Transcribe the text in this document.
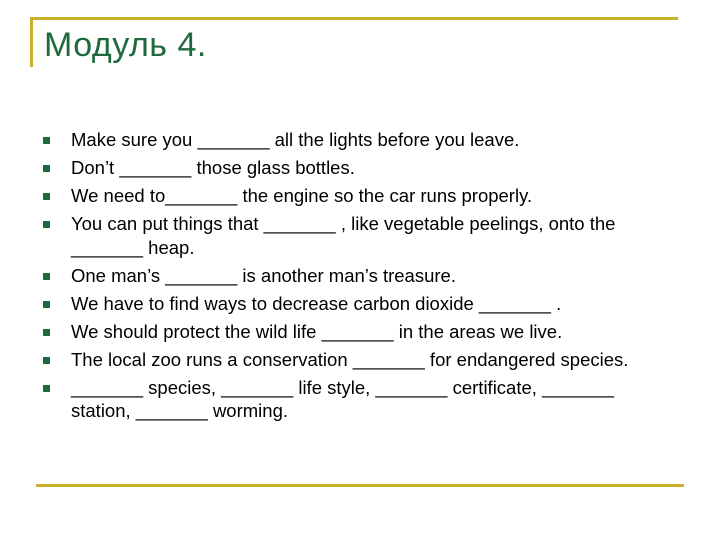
Модуль 4.
Make sure you _______ all the lights before you leave.
Don’t _______ those glass bottles.
We need to_______ the engine so the car runs properly.
You can put things that _______ , like vegetable peelings, onto the _______ heap.
One man’s _______ is another man’s treasure.
We have to find ways to decrease carbon dioxide _______ .
We should protect the wild life _______ in the areas we live.
The local zoo runs a conservation _______ for endangered species.
_______ species, _______ life style, _______ certificate, _______ station, _______ worming.
